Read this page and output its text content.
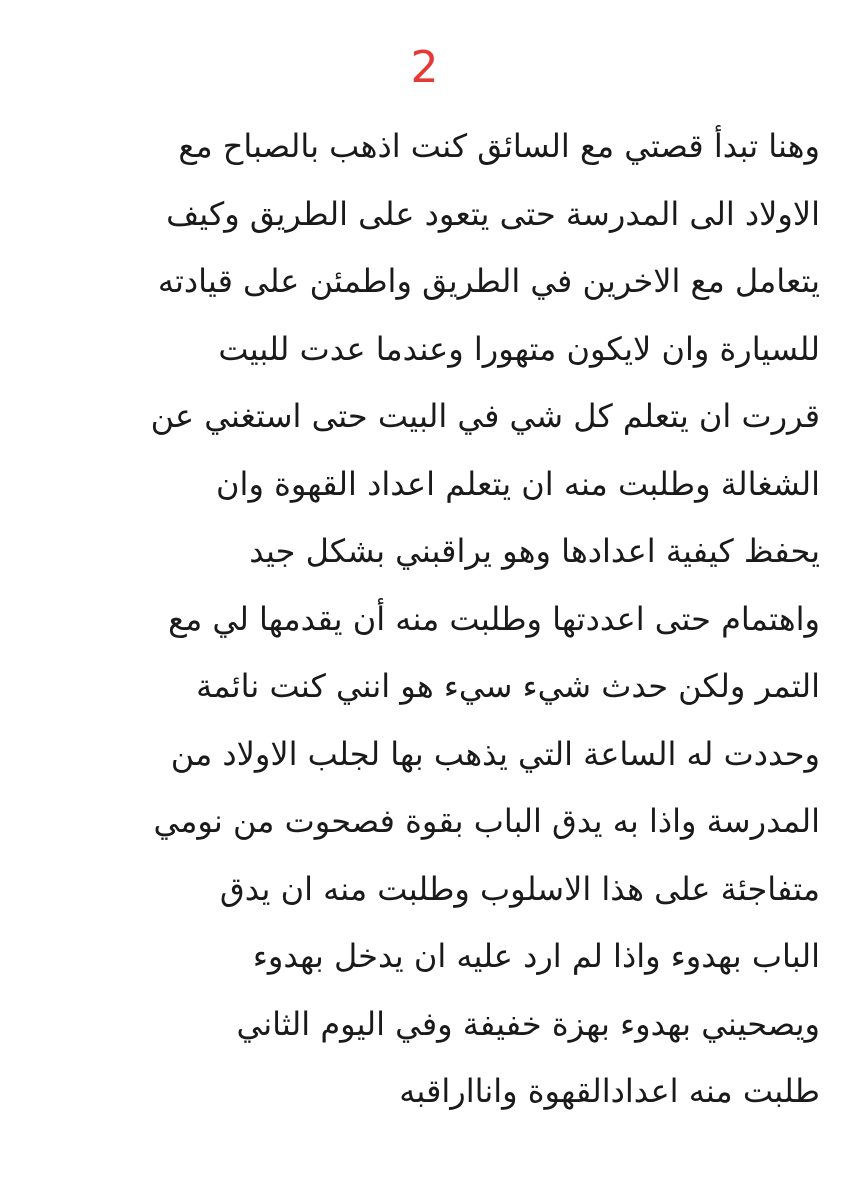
2
وهنا تبدأ قصتي مع السائق كنت اذهب بالصباح مع
الاولاد الى المدرسة حتى يتعود على الطريق وكيف
يتعامل مع الاخرين في الطريق واطمئن على قيادته
للسيارة وان لايكون متهورا وعندما عدت للبيت
قررت ان يتعلم كل شي في البيت حتى استغني عن
الشغالة وطلبت منه ان يتعلم اعداد القهوة وان
يحفظ كيفية اعدادها وهو يراقبني بشكل جيد
واهتمام حتى اعددتها وطلبت منه أن يقدمها لي مع
التمر ولكن حدث شيء سيء هو انني كنت نائمة
وحددت له الساعة التي يذهب بها لجلب الاولاد من
المدرسة واذا به يدق الباب بقوة فصحوت من نومي
متفاجئة على هذا الاسلوب وطلبت منه ان يدق
الباب بهدوء واذا لم ارد عليه ان يدخل بهدوء
ويصحيني بهدوء بهزة خفيفة وفي اليوم الثاني
طلبت منه اعدادالقهوة وانااراقبه
